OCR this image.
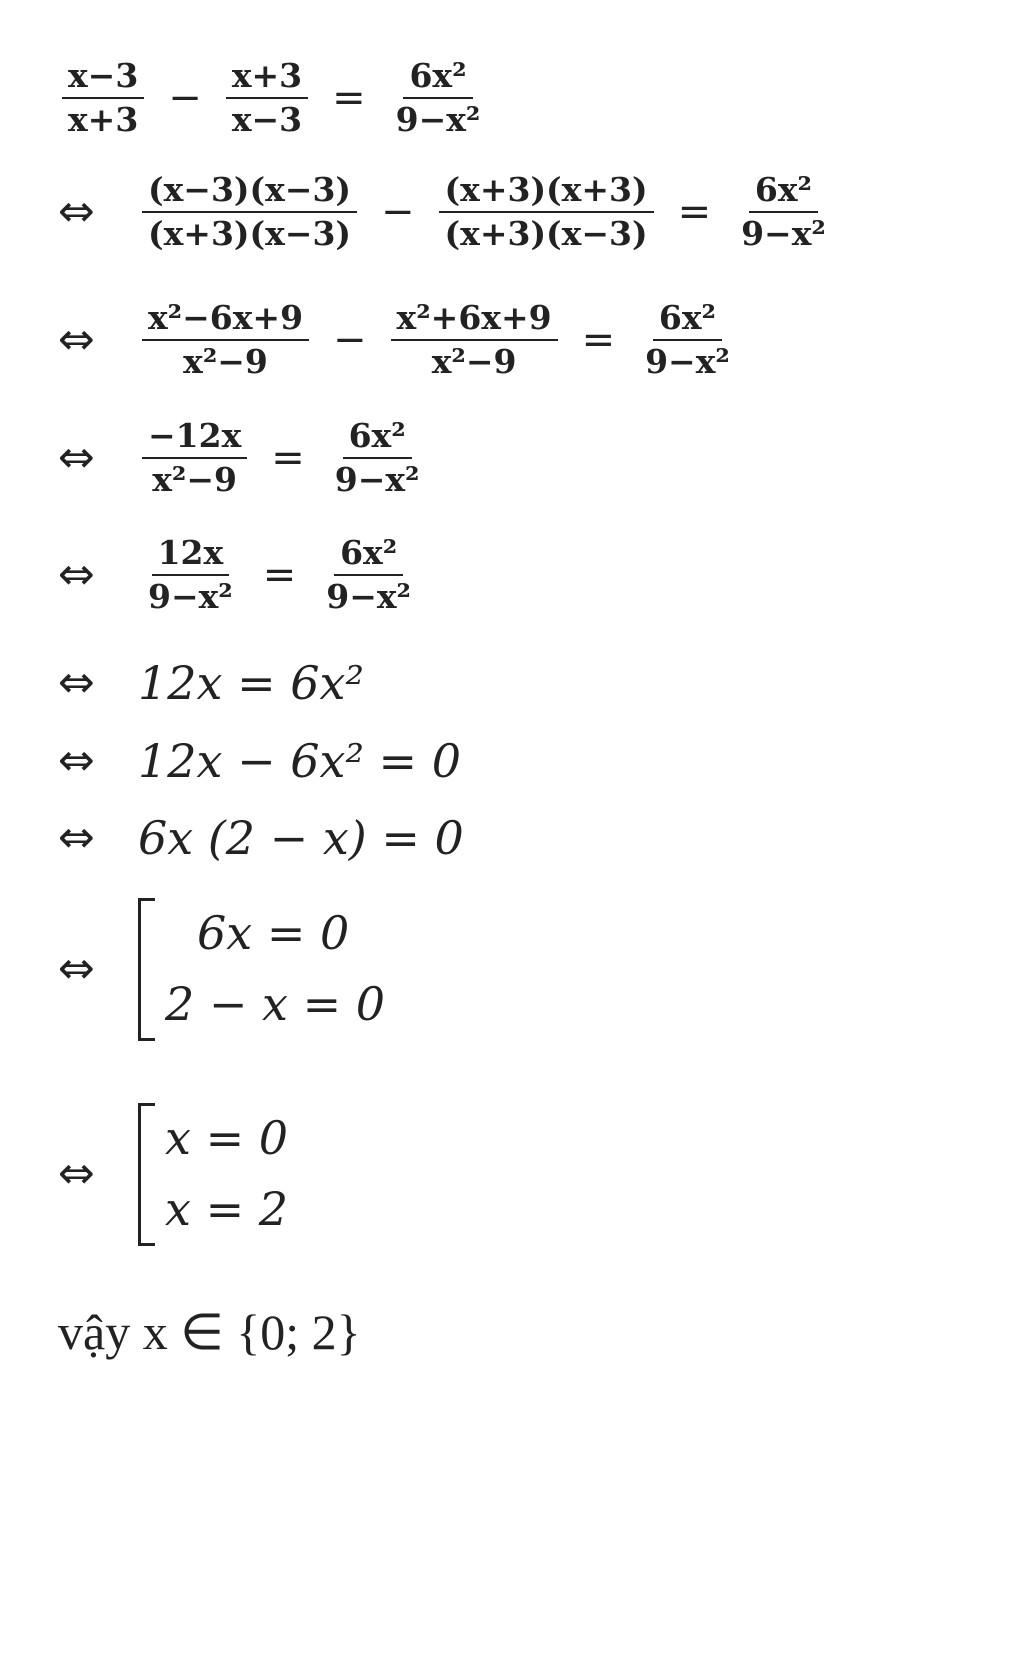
$\frac{x-3}{x+3} - \frac{x+3}{x-3} = \frac{\text{6x²}}{\text{9−x²}}$
⇔	$\frac{(x-3)(x-3)}{(x+3)(x-3)} - \frac{(x+3)(x+3)}{(x+3)(x-3)} = \frac{\text{6x²}}{\text{9−x²}}$
⇔	$\frac{\text{x²−6x+9}}{\text{x²−9}} - \frac{\text{x²+6x+9}}{\text{x²−9}} = \frac{\text{6x²}}{\text{9−x²}}$
⇔	$\frac{-12x}{\text{x²−9}} = \frac{\text{6x²}}{\text{9−x²}}$
⇔	$\frac{12x}{\text{9−x²}} = \frac{\text{6x²}}{\text{9−x²}}$
⇔ 12x = 6x²
⇔ 12x − 6x² = 0
⇔ 6x (2 − x) = 0
⇔
6x = 0
2 − x = 0
⇔
x = 0
x = 2
vậy x ∈ {0; 2}
